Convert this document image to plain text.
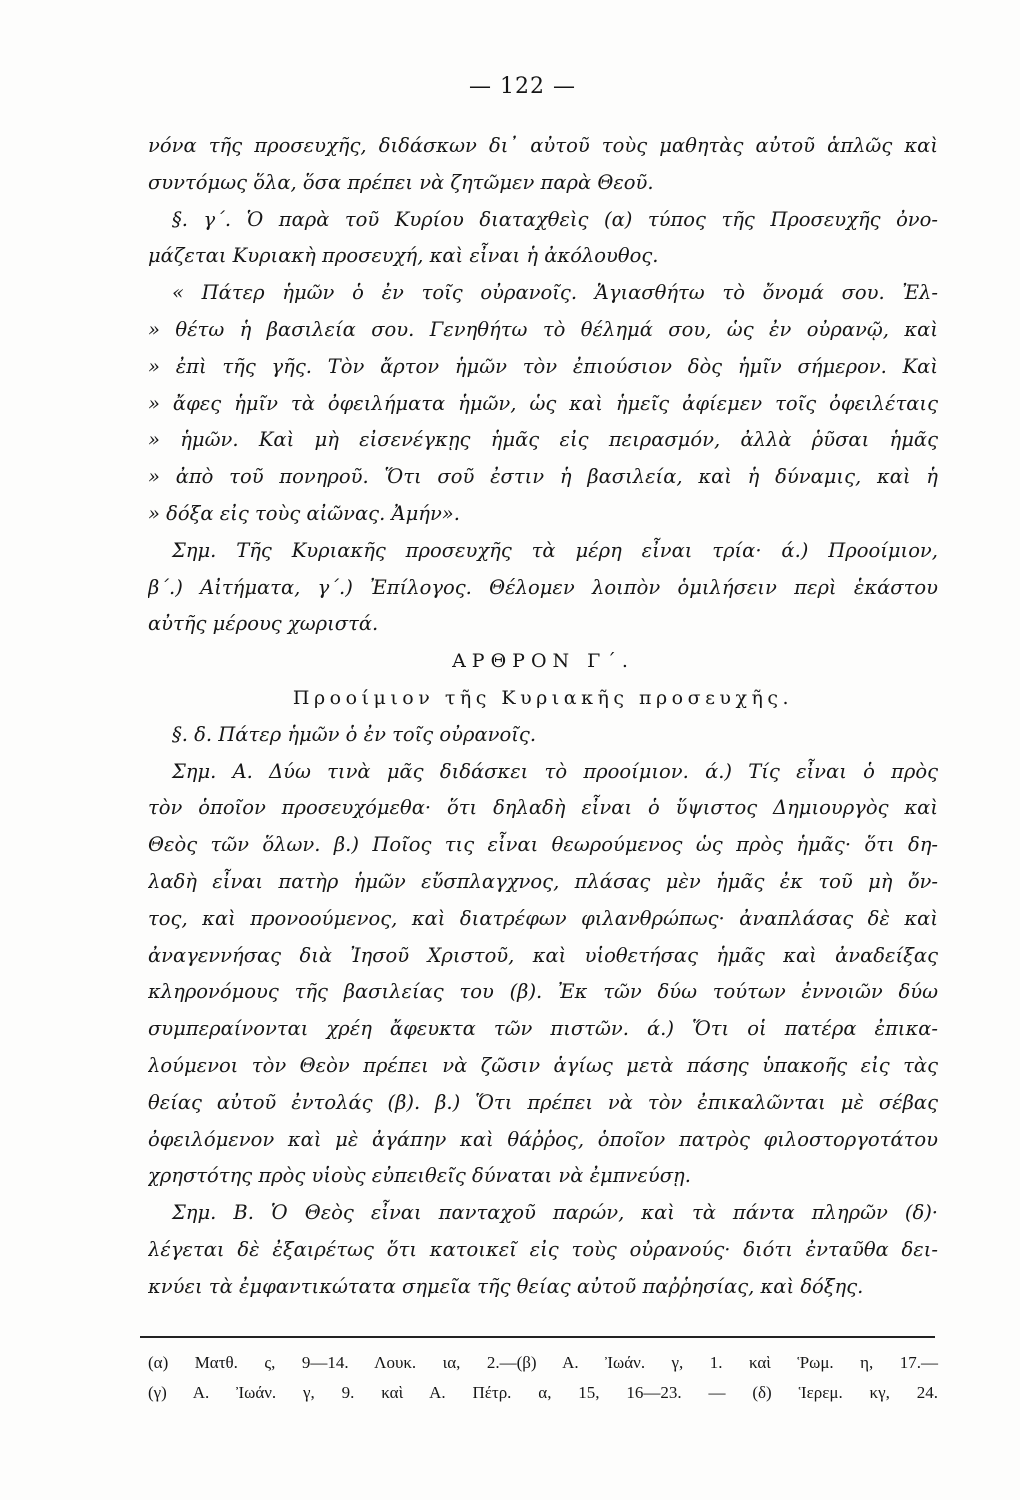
— 122 —
νόνα τῆς προσευχῆς, διδάσκων δι᾿ αὐτοῦ τοὺς μαθητὰς αὐτοῦ ἁπλῶς καὶ
συντόμως ὅλα, ὅσα πρέπει νὰ ζητῶμεν παρὰ Θεοῦ.
§. γ΄. Ὁ παρὰ τοῦ Κυρίου διαταχθεὶς (α) τύπος τῆς Προσευχῆς ὀνο-
μάζεται Κυριακὴ προσευχή, καὶ εἶναι ἡ ἀκόλουθος.
« Πάτερ ἡμῶν ὁ ἐν τοῖς οὐρανοῖς. Ἁγιασθήτω τὸ ὄνομά σου. Ἐλ-
» θέτω ἡ βασιλεία σου. Γενηθήτω τὸ θέλημά σου, ὡς ἐν οὐρανῷ, καὶ
» ἐπὶ τῆς γῆς. Τὸν ἄρτον ἡμῶν τὸν ἐπιούσιον δὸς ἡμῖν σήμερον. Καὶ
» ἄφες ἡμῖν τὰ ὀφειλήματα ἡμῶν, ὡς καὶ ἡμεῖς ἀφίεμεν τοῖς ὀφειλέταις
» ἡμῶν. Καὶ μὴ εἰσενέγκῃς ἡμᾶς εἰς πειρασμόν, ἀλλὰ ῥῦσαι ἡμᾶς
» ἀπὸ τοῦ πονηροῦ. Ὅτι σοῦ ἐστιν ἡ βασιλεία, καὶ ἡ δύναμις, καὶ ἡ
» δόξα εἰς τοὺς αἰῶνας. Ἀμήν».
Σημ. Τῆς Κυριακῆς προσευχῆς τὰ μέρη εἶναι τρία· ά.) Προοίμιον,
β΄.) Αἰτήματα, γ΄.) Ἐπίλογος. Θέλομεν λοιπὸν ὁμιλήσειν περὶ ἑκάστου
αὐτῆς μέρους χωριστά.
ΑΡΘΡΟΝ Γ΄.
Προοίμιον τῆς Κυριακῆς προσευχῆς.
§. δ. Πάτερ ἡμῶν ὁ ἐν τοῖς οὐρανοῖς.
Σημ. Α. Δύω τινὰ μᾶς διδάσκει τὸ προοίμιον. ά.) Τίς εἶναι ὁ πρὸς
τὸν ὁποῖον προσευχόμεθα· ὅτι δηλαδὴ εἶναι ὁ ὕψιστος Δημιουργὸς καὶ
Θεὸς τῶν ὅλων. β.) Ποῖος τις εἶναι θεωρούμενος ὡς πρὸς ἡμᾶς· ὅτι δη-
λαδὴ εἶναι πατὴρ ἡμῶν εὔσπλαγχνος, πλάσας μὲν ἡμᾶς ἐκ τοῦ μὴ ὄν-
τος, καὶ προνοούμενος, καὶ διατρέφων φιλανθρώπως· ἀναπλάσας δὲ καὶ
ἀναγεννήσας διὰ Ἰησοῦ Χριστοῦ, καὶ υἱοθετήσας ἡμᾶς καὶ ἀναδείξας
κληρονόμους τῆς βασιλείας του (β). Ἐκ τῶν δύω τούτων ἐννοιῶν δύω
συμπεραίνονται χρέη ἄφευκτα τῶν πιστῶν. ά.) Ὅτι οἱ πατέρα ἐπικα-
λούμενοι τὸν Θεὸν πρέπει νὰ ζῶσιν ἁγίως μετὰ πάσης ὑπακοῆς εἰς τὰς
θείας αὐτοῦ ἐντολάς (β). β.) Ὅτι πρέπει νὰ τὸν ἐπικαλῶνται μὲ σέβας
ὀφειλόμενον καὶ μὲ ἀγάπην καὶ θάῤῥος, ὁποῖον πατρὸς φιλοστοργοτάτου
χρηστότης πρὸς υἱοὺς εὐπειθεῖς δύναται νὰ ἐμπνεύσῃ.
Σημ. Β. Ὁ Θεὸς εἶναι πανταχοῦ παρών, καὶ τὰ πάντα πληρῶν (δ)·
λέγεται δὲ ἐξαιρέτως ὅτι κατοικεῖ εἰς τοὺς οὐρανούς· διότι ἐνταῦθα δει-
κνύει τὰ ἐμφαντικώτατα σημεῖα τῆς θείας αὐτοῦ παῤῥησίας, καὶ δόξης.
(α) Ματθ. ς, 9—14. Λουκ. ια, 2.—(β) Α. Ἰωάν. γ, 1. καὶ Ῥωμ. η, 17.—
(γ) Α. Ἰωάν. γ, 9. καὶ Α. Πέτρ. α, 15, 16—23. — (δ) Ἱερεμ. κγ, 24.
